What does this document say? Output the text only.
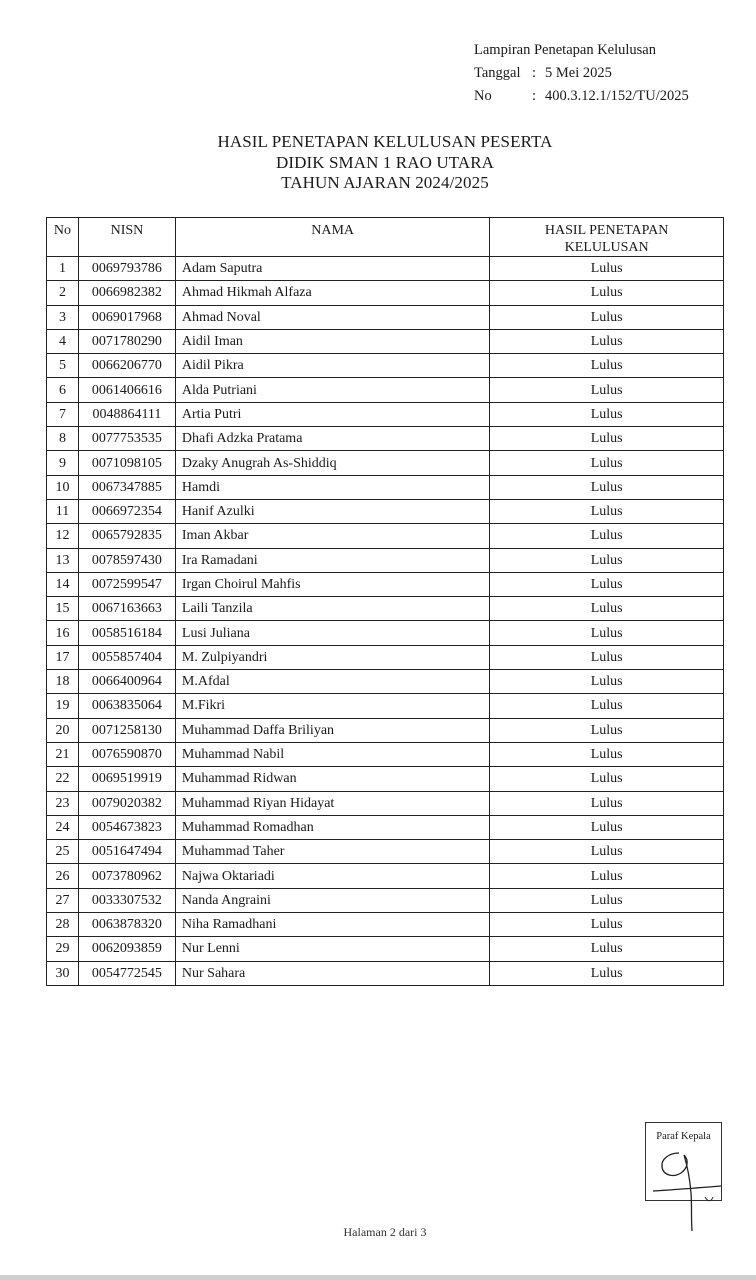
Lampiran Penetapan Kelulusan
Tanggal : 5 Mei 2025
No	: 400.3.12.1/152/TU/2025
HASIL PENETAPAN KELULUSAN PESERTA
DIDIK SMAN 1 RAO UTARA
TAHUN AJARAN 2024/2025
No	NISN	NAMA	HASIL PENETAPAN
KELULUSAN

1	0069793786	Adam Saputra	Lulus
2	0066982382	Ahmad Hikmah Alfaza	Lulus
3	0069017968	Ahmad Noval	Lulus
4	0071780290	Aidil Iman	Lulus
5	0066206770	Aidil Pikra	Lulus
6	0061406616	Alda Putriani	Lulus
7	0048864111	Artia Putri	Lulus
8	0077753535	Dhafi Adzka Pratama	Lulus
9	0071098105	Dzaky Anugrah As-Shiddiq	Lulus
10	0067347885	Hamdi	Lulus
11	0066972354	Hanif Azulki	Lulus
12	0065792835	Iman Akbar	Lulus
13	0078597430	Ira Ramadani	Lulus
14	0072599547	Irgan Choirul Mahfis	Lulus
15	0067163663	Laili Tanzila	Lulus
16	0058516184	Lusi Juliana	Lulus
17	0055857404	M. Zulpiyandri	Lulus
18	0066400964	M.Afdal	Lulus
19	0063835064	M.Fikri	Lulus
20	0071258130	Muhammad Daffa Briliyan	Lulus
21	0076590870	Muhammad Nabil	Lulus
22	0069519919	Muhammad Ridwan	Lulus
23	0079020382	Muhammad Riyan Hidayat	Lulus
24	0054673823	Muhammad Romadhan	Lulus
25	0051647494	Muhammad Taher	Lulus
26	0073780962	Najwa Oktariadi	Lulus
27	0033307532	Nanda Angraini	Lulus
28	0063878320	Niha Ramadhani	Lulus
29	0062093859	Nur Lenni	Lulus
30	0054772545	Nur Sahara	Lulus
Paraf Kepala
Halaman 2 dari 3
